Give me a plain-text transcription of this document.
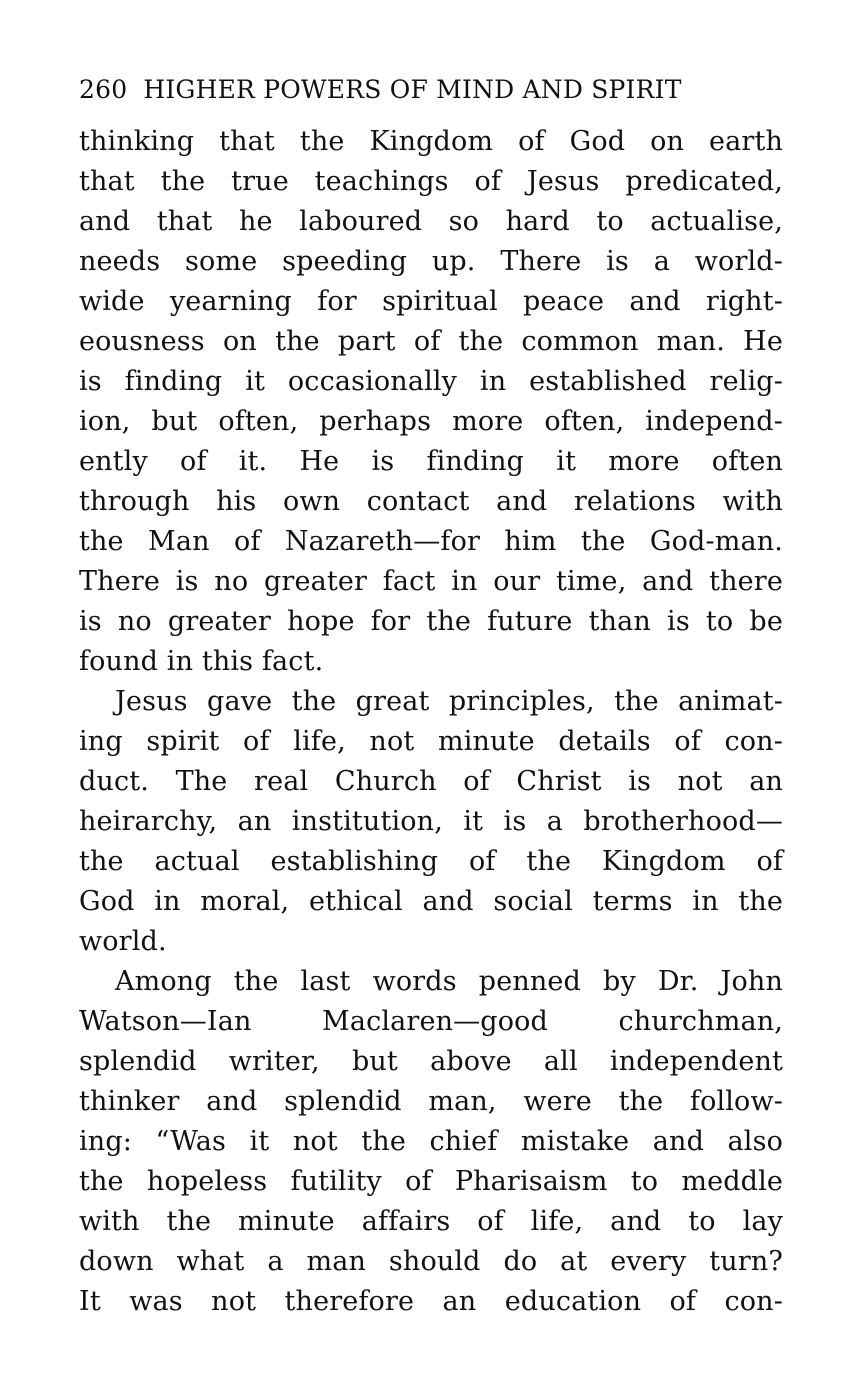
260 HIGHER POWERS OF MIND AND SPIRIT
thinking that the Kingdom of God on earth
that the true teachings of Jesus predicated,
and that he laboured so hard to actualise,
needs some speeding up. There is a world-
wide yearning for spiritual peace and right-
eousness on the part of the common man. He
is finding it occasionally in established relig-
ion, but often, perhaps more often, independ-
ently of it. He is finding it more often
through his own contact and relations with
the Man of Nazareth—for him the God-man.
There is no greater fact in our time, and there
is no greater hope for the future than is to be
found in this fact.
Jesus gave the great principles, the animat-
ing spirit of life, not minute details of con-
duct. The real Church of Christ is not an
heirarchy, an institution, it is a brotherhood—
the actual establishing of the Kingdom of
God in moral, ethical and social terms in the
world.
Among the last words penned by Dr. John
Watson—Ian Maclaren—good churchman,
splendid writer, but above all independent
thinker and splendid man, were the follow-
ing: “Was it not the chief mistake and also
the hopeless futility of Pharisaism to meddle
with the minute affairs of life, and to lay
down what a man should do at every turn?
It was not therefore an education of con-
